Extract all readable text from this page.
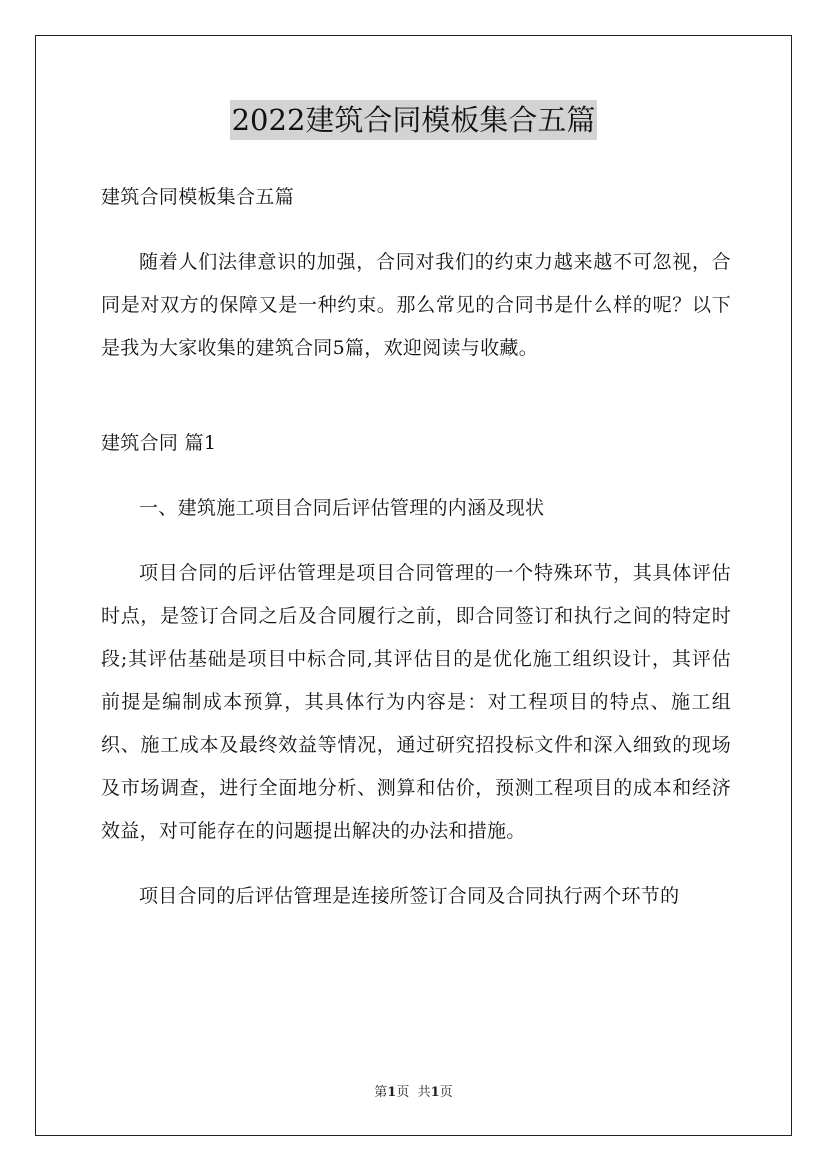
2022建筑合同模板集合五篇

建筑合同模板集合五篇

随着人们法律意识的加强，合同对我们的约束力越来越不可忽视，合同是对双方的保障又是一种约束。那么常见的合同书是什么样的呢？以下是我为大家收集的建筑合同5篇，欢迎阅读与收藏。

建筑合同 篇1

一、建筑施工项目合同后评估管理的内涵及现状

项目合同的后评估管理是项目合同管理的一个特殊环节，其具体评估时点，是签订合同之后及合同履行之前，即合同签订和执行之间的特定时段;其评估基础是项目中标合同,其评估目的是优化施工组织设计，其评估前提是编制成本预算，其具体行为内容是：对工程项目的特点、施工组织、施工成本及最终效益等情况，通过研究招投标文件和深入细致的现场及市场调查，进行全面地分析、测算和估价，预测工程项目的成本和经济效益，对可能存在的问题提出解决的办法和措施。

项目合同的后评估管理是连接所签订合同及合同执行两个环节的

第1页 共1页
